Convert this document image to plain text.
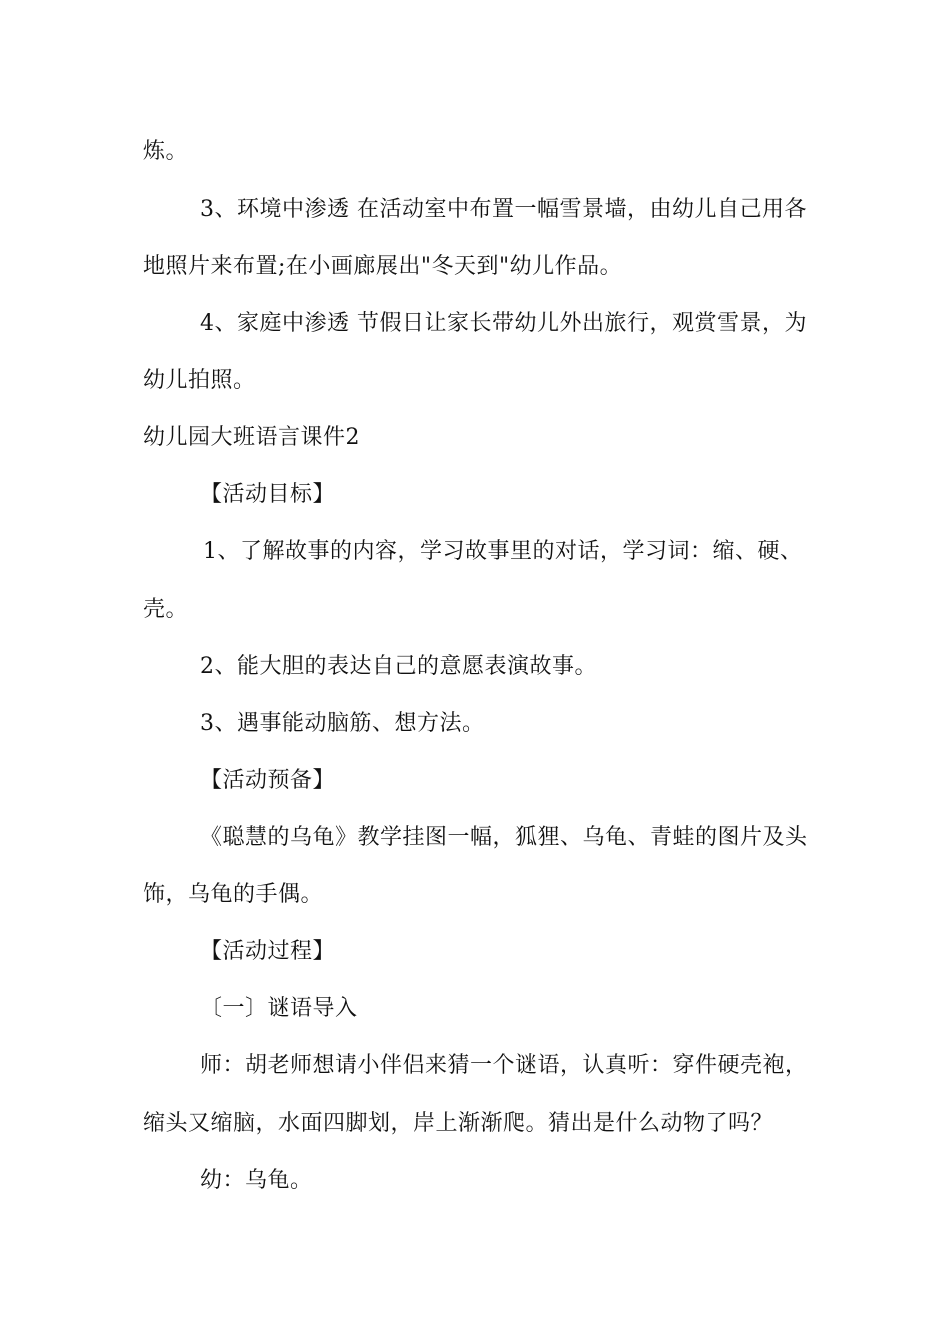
炼。
3、环境中渗透 在活动室中布置一幅雪景墙，由幼儿自己用各
地照片来布置;在小画廊展出"冬天到"幼儿作品。
4、家庭中渗透 节假日让家长带幼儿外出旅行，观赏雪景，为
幼儿拍照。
幼儿园大班语言课件2
【活动目标】
1、了解故事的内容，学习故事里的对话，学习词：缩、硬、
壳。
2、能大胆的表达自己的意愿表演故事。
3、遇事能动脑筋、想方法。
【活动预备】
《聪慧的乌龟》教学挂图一幅，狐狸、乌龟、青蛙的图片及头
饰，乌龟的手偶。
【活动过程】
〔一〕谜语导入
师：胡老师想请小伴侣来猜一个谜语，认真听：穿件硬壳袍，
缩头又缩脑，水面四脚划，岸上渐渐爬。猜出是什么动物了吗？
幼：乌龟。
